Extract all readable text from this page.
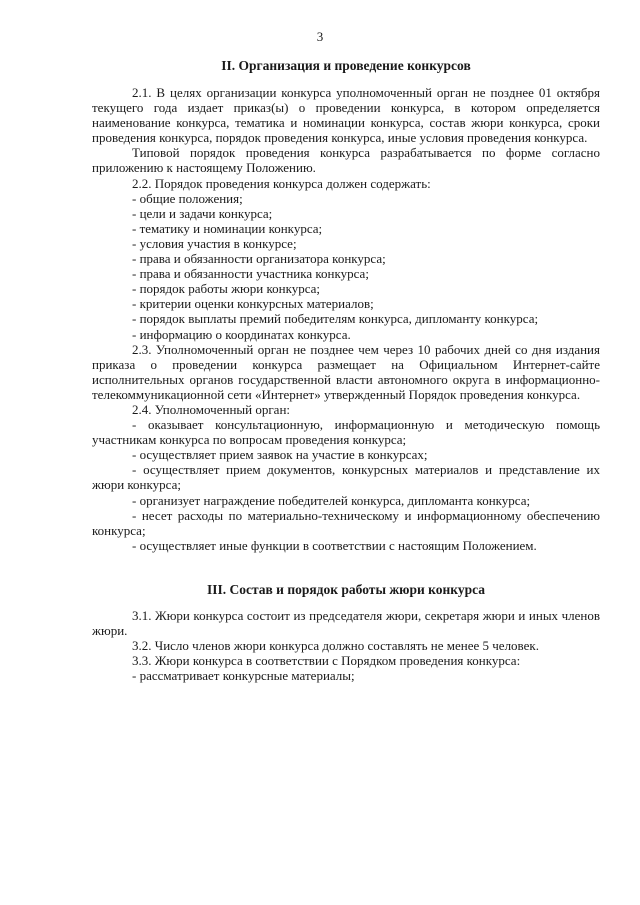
3
II. Организация и проведение конкурсов

2.1. В целях организации конкурса уполномоченный орган не позднее 01 октября текущего года издает приказ(ы) о проведении конкурса, в котором определяется наименование конкурса, тематика и номинации конкурса, состав жюри конкурса, сроки проведения конкурса, порядок проведения конкурса, иные условия проведения конкурса.

Типовой порядок проведения конкурса разрабатывается по форме согласно приложению к настоящему Положению.

2.2. Порядок проведения конкурса должен содержать:

- общие положения;

- цели и задачи конкурса;

- тематику и номинации конкурса;

- условия участия в конкурсе;

- права и обязанности организатора конкурса;

- права и обязанности участника конкурса;

- порядок работы жюри конкурса;

- критерии оценки конкурсных материалов;

- порядок выплаты премий победителям конкурса, дипломанту конкурса;

- информацию о координатах конкурса.

2.3. Уполномоченный орган не позднее чем через 10 рабочих дней со дня издания приказа о проведении конкурса размещает на Официальном Интернет-сайте исполнительных органов государственной власти автономного округа в информационно-телекоммуникационной сети «Интернет» утвержденный Порядок проведения конкурса.

2.4. Уполномоченный орган:

- оказывает консультационную, информационную и методическую помощь участникам конкурса по вопросам проведения конкурса;

- осуществляет прием заявок на участие в конкурсах;

- осуществляет прием документов, конкурсных материалов и представление их жюри конкурса;

- организует награждение победителей конкурса, дипломанта конкурса;

- несет расходы по материально-техническому и информационному обеспечению конкурса;

- осуществляет иные функции в соответствии с настоящим Положением.

III. Состав и порядок работы жюри конкурса

3.1. Жюри конкурса состоит из председателя жюри, секретаря жюри и иных членов жюри.

3.2. Число членов жюри конкурса должно составлять не менее 5 человек.

3.3. Жюри конкурса в соответствии с Порядком проведения конкурса:

- рассматривает конкурсные материалы;
